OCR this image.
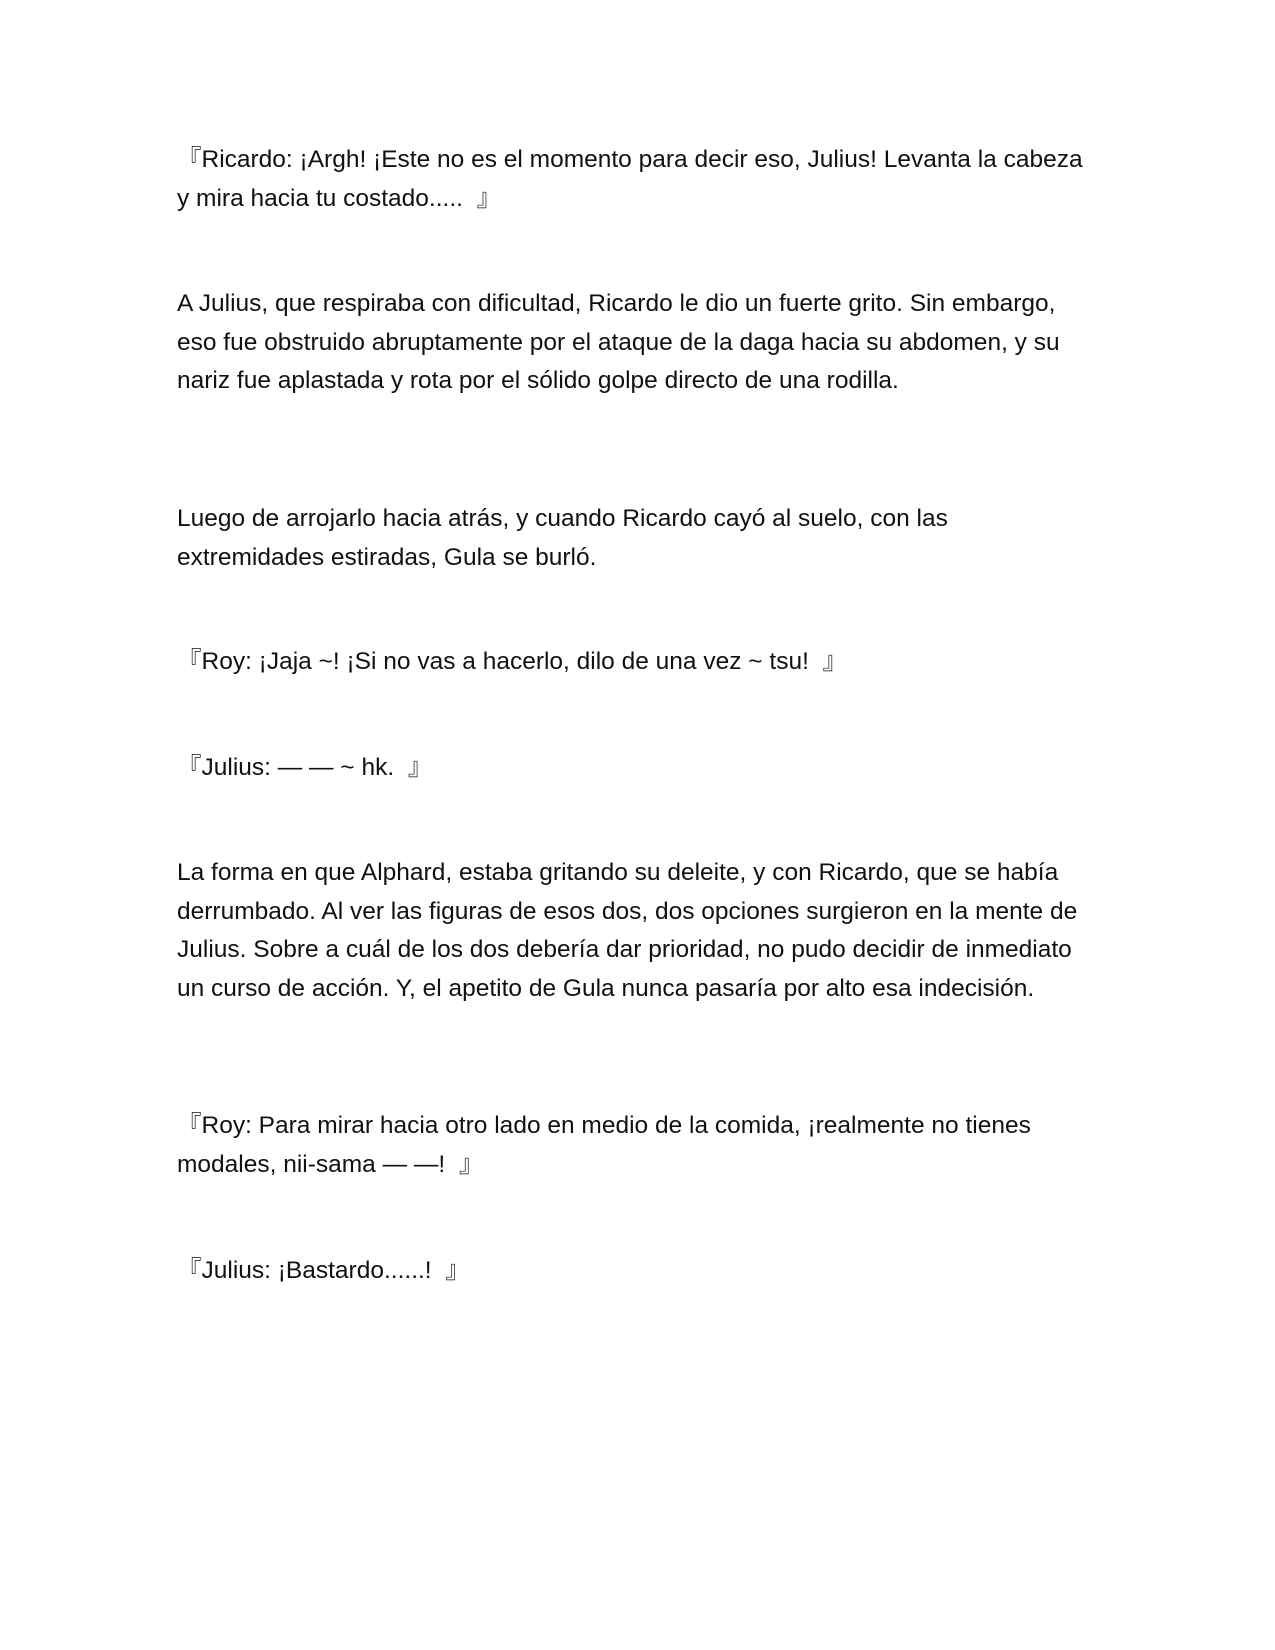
『Ricardo: ¡Argh! ¡Este no es el momento para decir eso, Julius! Levanta la cabeza y mira hacia tu costado.....  』

A Julius, que respiraba con dificultad, Ricardo le dio un fuerte grito. Sin embargo, eso fue obstruido abruptamente por el ataque de la daga hacia su abdomen, y su nariz fue aplastada y rota por el sólido golpe directo de una rodilla.

Luego de arrojarlo hacia atrás, y cuando Ricardo cayó al suelo, con las extremidades estiradas, Gula se burló.

『Roy: ¡Jaja ~! ¡Si no vas a hacerlo, dilo de una vez ~ tsu!  』

『Julius: ― ― ~ hk.  』

La forma en que Alphard, estaba gritando su deleite, y con Ricardo, que se había derrumbado. Al ver las figuras de esos dos, dos opciones surgieron en la mente de Julius. Sobre a cuál de los dos debería dar prioridad, no pudo decidir de inmediato un curso de acción. Y, el apetito de Gula nunca pasaría por alto esa indecisión.

『Roy: Para mirar hacia otro lado en medio de la comida, ¡realmente no tienes modales, nii-sama ― ―!  』

『Julius: ¡Bastardo......!  』
